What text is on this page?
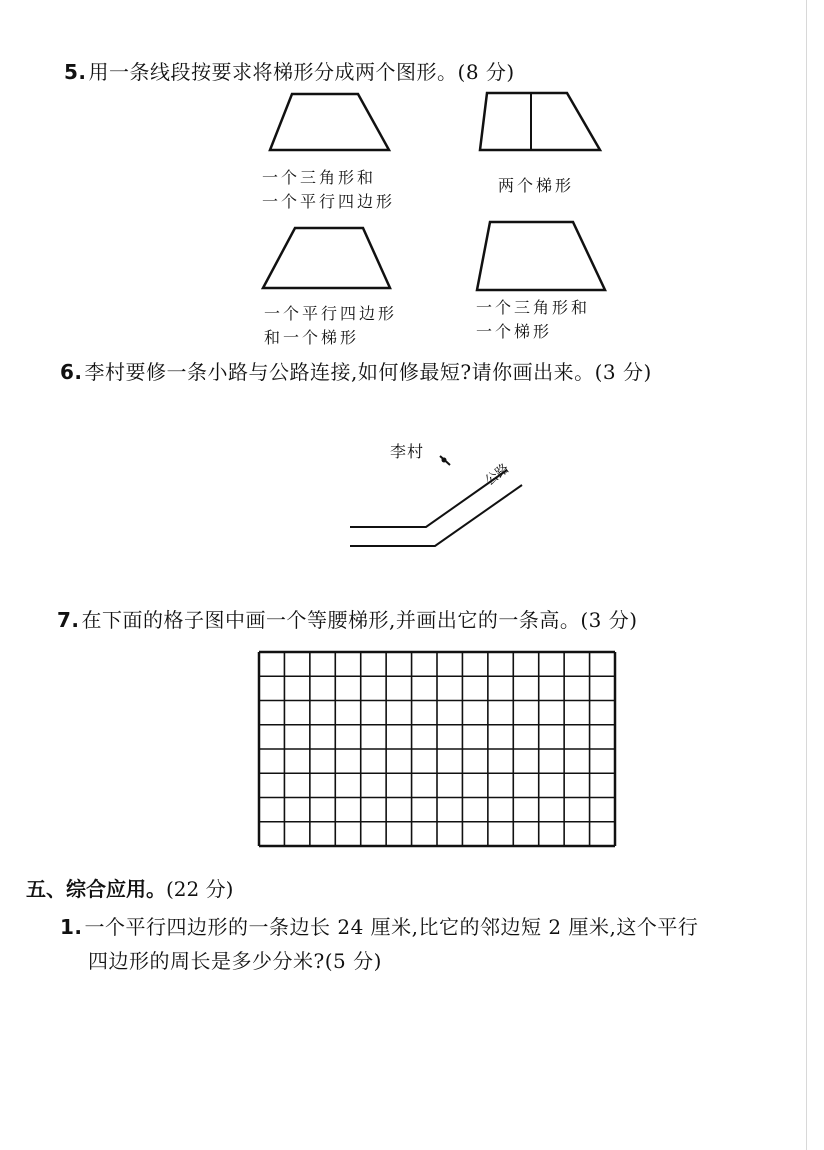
5. 用一条线段按要求将梯形分成两个图形。(8 分)
一个三角形和
一个平行四边形
两个梯形
一个平行四边形
和一个梯形
一个三角形和
一个梯形
6. 李村要修一条小路与公路连接,如何修最短?请你画出来。(3 分)
李村
公路
7. 在下面的格子图中画一个等腰梯形,并画出它的一条高。(3 分)
五、综合应用。(22 分)
1. 一个平行四边形的一条边长 24 厘米,比它的邻边短 2 厘米,这个平行
四边形的周长是多少分米?(5 分)
